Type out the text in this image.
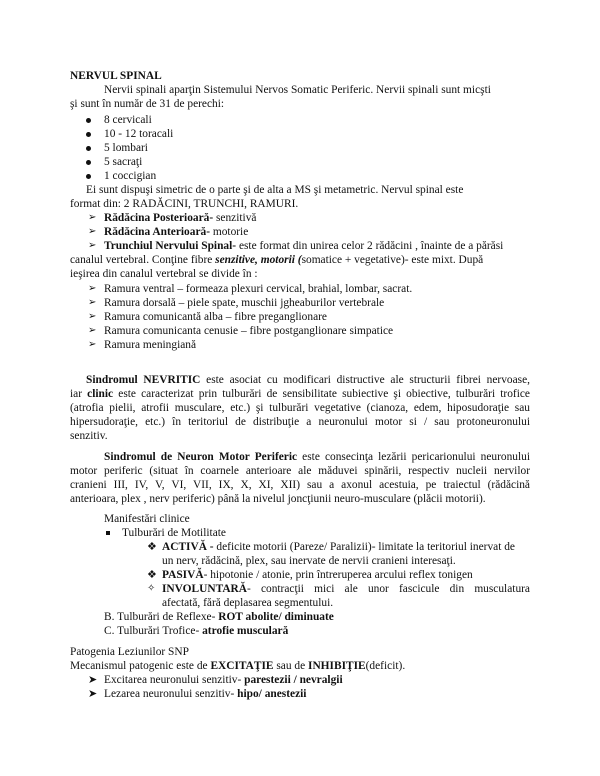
NERVUL SPINAL
Nervii spinali aparţin Sistemului Nervos Somatic Periferic. Nervii spinali sunt micşti
şi sunt în număr de 31 de perechi:
8 cervicali
10 - 12 toracali
5 lombari
5 sacraţi
1 coccigian
Ei sunt dispuşi simetric de o parte şi de alta a MS şi metametric. Nervul spinal este
format din: 2 RADĂCINI, TRUNCHI, RAMURI.
➢ Rădăcina Posterioară- senzitivă
➢ Rădăcina Anterioară- motorie
➢ Trunchiul Nervului Spinal- este format din unirea celor 2 rădăcini , înainte de a părăsi
canalul vertebral. Conţine fibre senzitive, motorii (somatice + vegetative)- este mixt. După
ieşirea din canalul vertebral se divide în :
➢ Ramura ventral – formeaza plexuri cervical, brahial, lombar, sacrat.
➢ Ramura dorsală – piele spate, muschii jgheaburilor vertebrale
➢ Ramura comunicantă alba – fibre preganglionare
➢ Ramura comunicanta cenusie – fibre postganglionare simpatice
➢ Ramura meningiană
Sindromul NEVRITIC este asociat cu modificari distructive ale structurii fibrei nervoase,
iar clinic este caracterizat prin tulburări de sensibilitate subiective şi obiective, tulburări trofice
(atrofia pielii, atrofii musculare, etc.) şi tulburări vegetative (cianoza, edem, hiposudoraţie sau
hipersudoraţie, etc.) în teritoriul de distribuţie a neuronului motor si / sau protoneuronului
senzitiv.
Sindromul de Neuron Motor Periferic este consecinţa lezării pericarionului neuronului
motor periferic (situat în coarnele anterioare ale măduvei spinării, respectiv nucleii nervilor
cranieni III, IV, V, VI, VII, IX, X, XI, XII) sau a axonul acestuia, pe traiectul (rădăcină
anterioara, plex , nerv periferic) până la nivelul joncţiunii neuro-musculare (plăcii motorii).
Manifestări clinice
Tulburări de Motilitate
❖ ACTIVĂ - deficite motorii (Pareze/ Paralizii)- limitate la teritoriul inervat de
un nerv, rădăcină, plex, sau inervate de nervii cranieni interesaţi.
❖ PASIVĂ- hipotonie / atonie, prin întreruperea arcului reflex tonigen
✧ INVOLUNTARĂ- contracţii mici ale unor fascicule din musculatura
afectată, fără deplasarea segmentului.
B. Tulburări de Reflexe- ROT abolite/ diminuate
C. Tulburări Trofice- atrofie musculară
Patogenia Leziunilor SNP
Mecanismul patogenic este de EXCITAŢIE sau de INHIBIŢIE(deficit).
➤ Excitarea neuronului senzitiv- parestezii / nevralgii
➤ Lezarea neuronului senzitiv- hipo/ anestezii
